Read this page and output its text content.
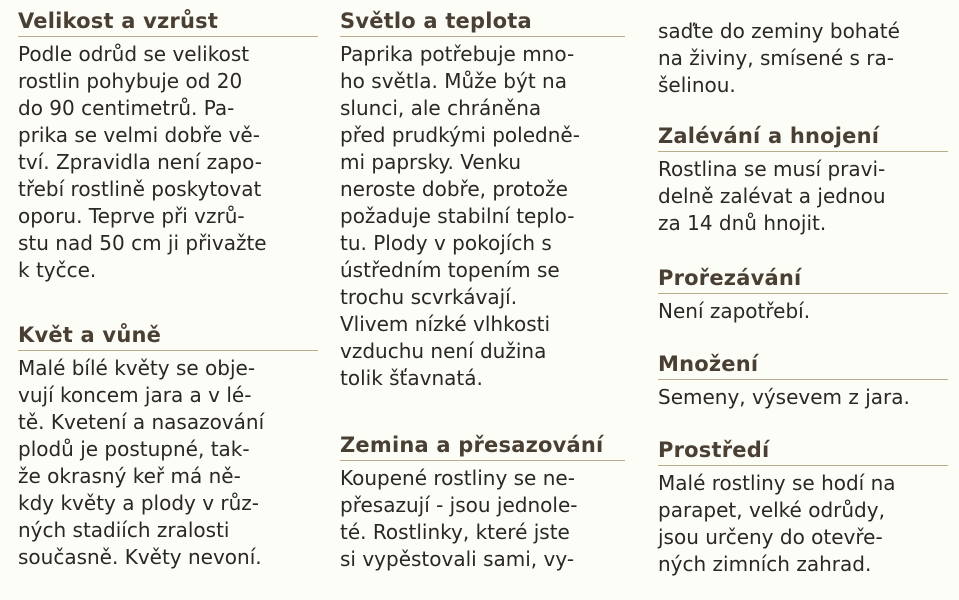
Velikost a vzrůst
Podle odrůd se velikost
rostlin pohybuje od 20
do 90 centimetrů. Pa-
prika se velmi dobře vě-
tví. Zpravidla není zapo-
třebí rostlině poskytovat
oporu. Teprve při vzrů-
stu nad 50 cm ji přivažte
k tyčce.
Květ a vůně
Malé bílé květy se obje-
vují koncem jara a v lé-
tě. Kvetení a nasazování
plodů je postupné, tak-
že okrasný keř má ně-
kdy květy a plody v růz-
ných stadiích zralosti
současně. Květy nevoní.
Světlo a teplota
Paprika potřebuje mno-
ho světla. Může být na
slunci, ale chráněna
před prudkými poledně-
mi paprsky. Venku
neroste dobře, protože
požaduje stabilní teplo-
tu. Plody v pokojích s
ústředním topením se
trochu scvrkávají.
Vlivem nízké vlhkosti
vzduchu není dužina
tolik šťavnatá.
Zemina a přesazování
Koupené rostliny se ne-
přesazují - jsou jednole-
té. Rostlinky, které jste
si vypěstovali sami, vy-
saďte do zeminy bohaté
na živiny, smísené s ra-
šelinou.
Zalévání a hnojení
Rostlina se musí pravi-
delně zalévat a jednou
za 14 dnů hnojit.
Prořezávání
Není zapotřebí.
Množení
Semeny, výsevem z jara.
Prostředí
Malé rostliny se hodí na
parapet, velké odrůdy,
jsou určeny do otevře-
ných zimních zahrad.
